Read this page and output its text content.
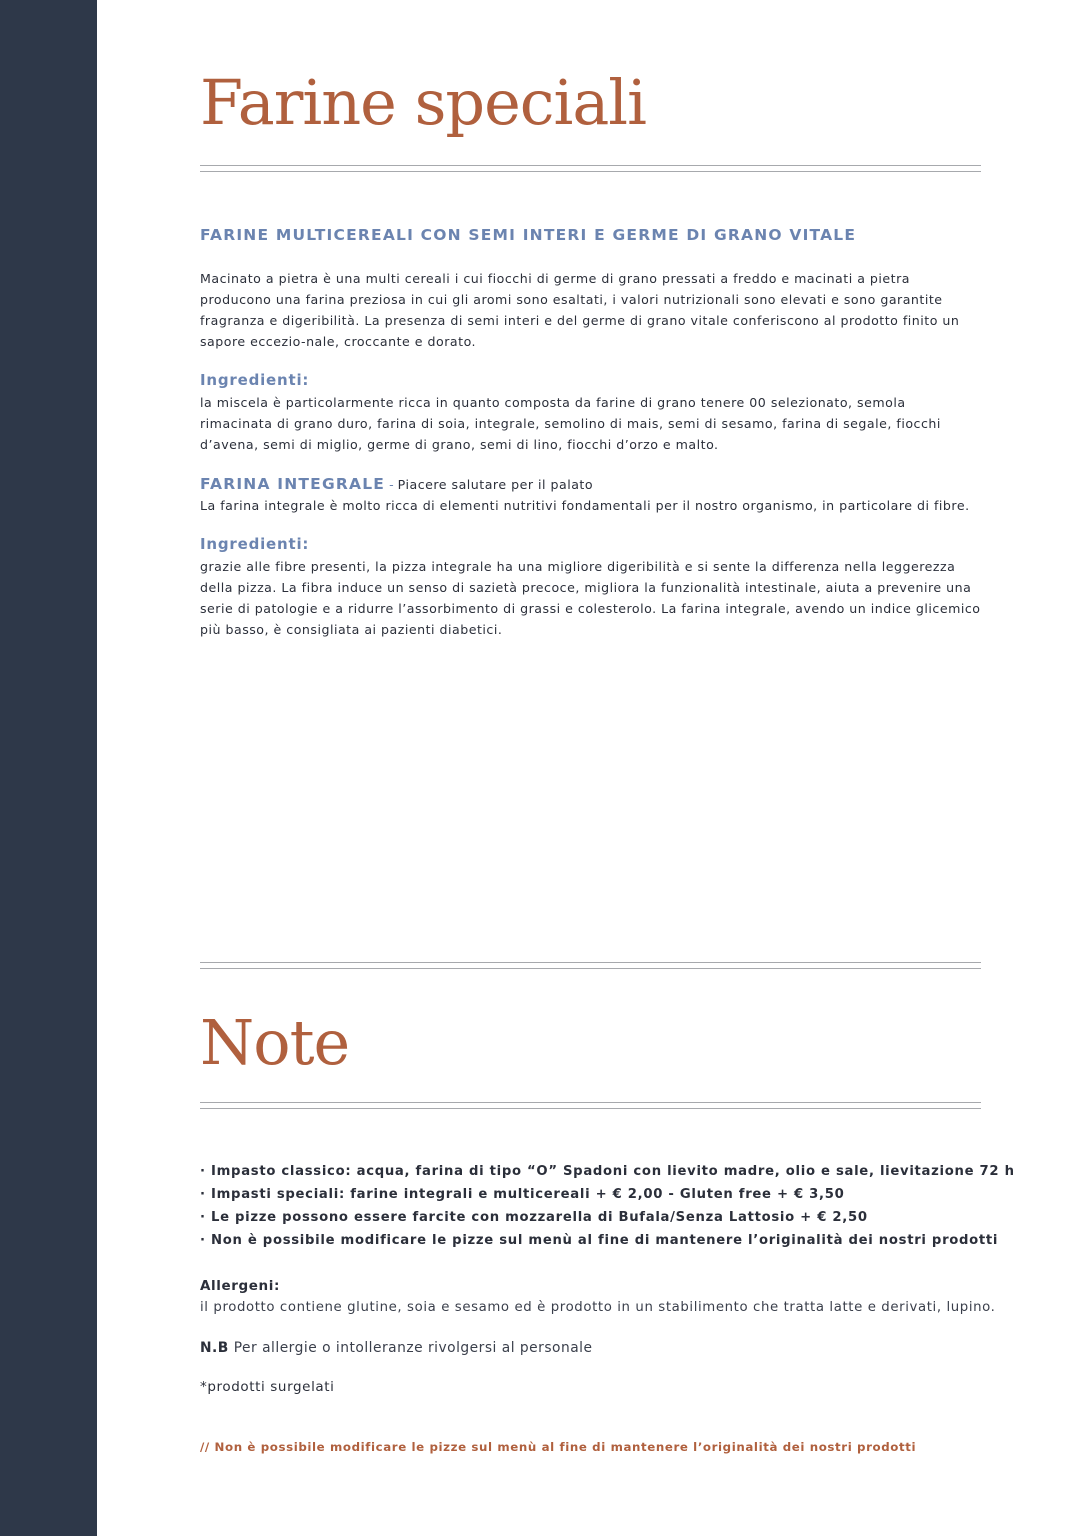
Farine speciali
FARINE MULTICEREALI CON SEMI INTERI E GERME DI GRANO VITALE

Macinato a pietra è una multi cereali i cui fiocchi di germe di grano pressati a freddo e macinati a pietra producono una farina preziosa in cui gli aromi sono esaltati, i valori nutrizionali sono elevati e sono garantite fragranza e digeribilità. La presenza di semi interi e del germe di grano vitale conferiscono al prodotto finito un sapore eccezio-nale, croccante e dorato.

Ingredienti:

la miscela è particolarmente ricca in quanto composta da farine di grano tenere 00 selezionato, semola rimacinata di grano duro, farina di soia, integrale, semolino di mais, semi di sesamo, farina di segale, fiocchi d’avena, semi di miglio, germe di grano, semi di lino, fiocchi d’orzo e malto.

FARINA INTEGRALE - Piacere salutare per il palato

La farina integrale è molto ricca di elementi nutritivi fondamentali per il nostro organismo, in particolare di fibre.

Ingredienti:

grazie alle fibre presenti, la pizza integrale ha una migliore digeribilità e si sente la differenza nella leggerezza della pizza. La fibra induce un senso di sazietà precoce, migliora la funzionalità intestinale, aiuta a prevenire una serie di patologie e a ridurre l’assorbimento di grassi e colesterolo. La farina integrale, avendo un indice glicemico più basso, è consigliata ai pazienti diabetici.

Note
· Impasto classico: acqua, farina di tipo “O” Spadoni con lievito madre, olio e sale, lievitazione 72 h
· Impasti speciali: farine integrali e multicereali + € 2,00 - Gluten free + € 3,50
· Le pizze possono essere farcite con mozzarella di Bufala/Senza Lattosio + € 2,50
· Non è possibile modificare le pizze sul menù al fine di mantenere l’originalità dei nostri prodotti
Allergeni:
il prodotto contiene glutine, soia e sesamo ed è prodotto in un stabilimento che tratta latte e derivati, lupino.
N.B Per allergie o intolleranze rivolgersi al personale
*prodotti surgelati
// Non è possibile modificare le pizze sul menù al fine di mantenere l’originalità dei nostri prodotti
